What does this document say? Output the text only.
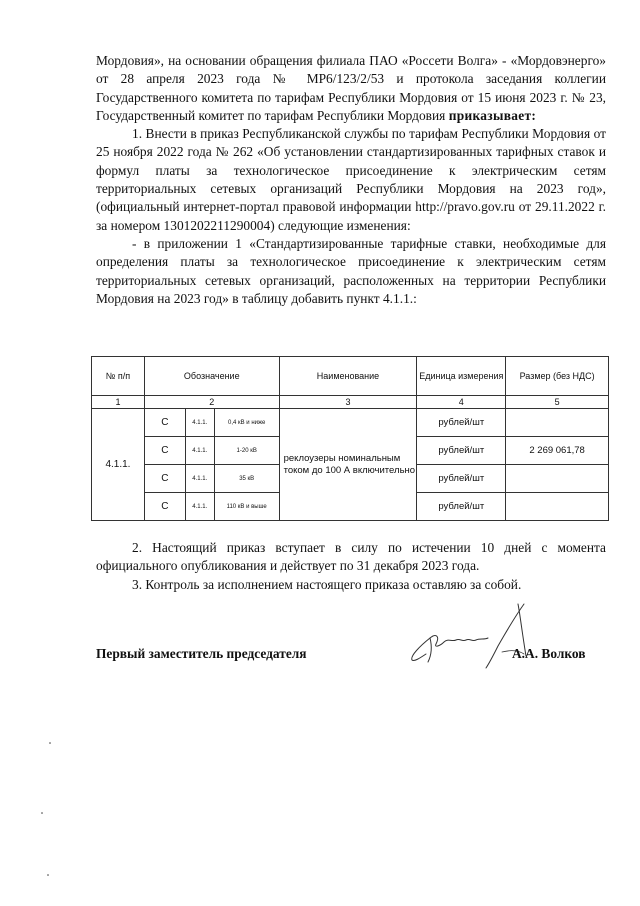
Мордовия», на основании обращения филиала ПАО «Россети Волга» - «Мордовэнерго» от 28 апреля 2023 года № МР6/123/2/53 и протокола заседания коллегии Государственного комитета по тарифам Республики Мордовия от 15 июня 2023 г. № 23, Государственный комитет по тарифам Республики Мордовия приказывает:

1. Внести в приказ Республиканской службы по тарифам Республики Мордовия от 25 ноября 2022 года № 262 «Об установлении стандартизированных тарифных ставок и формул платы за технологическое присоединение к электрическим сетям территориальных сетевых организаций Республики Мордовия на 2023 год», (официальный интернет-портал правовой информации http://pravo.gov.ru от 29.11.2022 г. за номером 1301202211290004) следующие изменения:

- в приложении 1 «Стандартизированные тарифные ставки, необходимые для определения платы за технологическое присоединение к электрическим сетям территориальных сетевых организаций, расположенных на территории Республики Мордовия на 2023 год» в таблицу добавить пункт 4.1.1.:

№ п/п	Обозначение			Наименование	Единица измерения	Размер (без НДС)
1	2			3	4	5
4.1.1.	С	4.1.1.	0,4 кВ и ниже	реклоузеры номинальным током до 100 А включительно	рублей/шт	
	С	4.1.1.	1-20 кВ		рублей/шт	2 269 061,78
	С	4.1.1.	35 кВ		рублей/шт	
	С	4.1.1.	110 кВ и выше		рублей/шт	

2. Настоящий приказ вступает в силу по истечении 10 дней с момента официального опубликования и действует по 31 декабря 2023 года.

3. Контроль за исполнением настоящего приказа оставляю за собой.

Первый заместитель председателя	А.А. Волков
